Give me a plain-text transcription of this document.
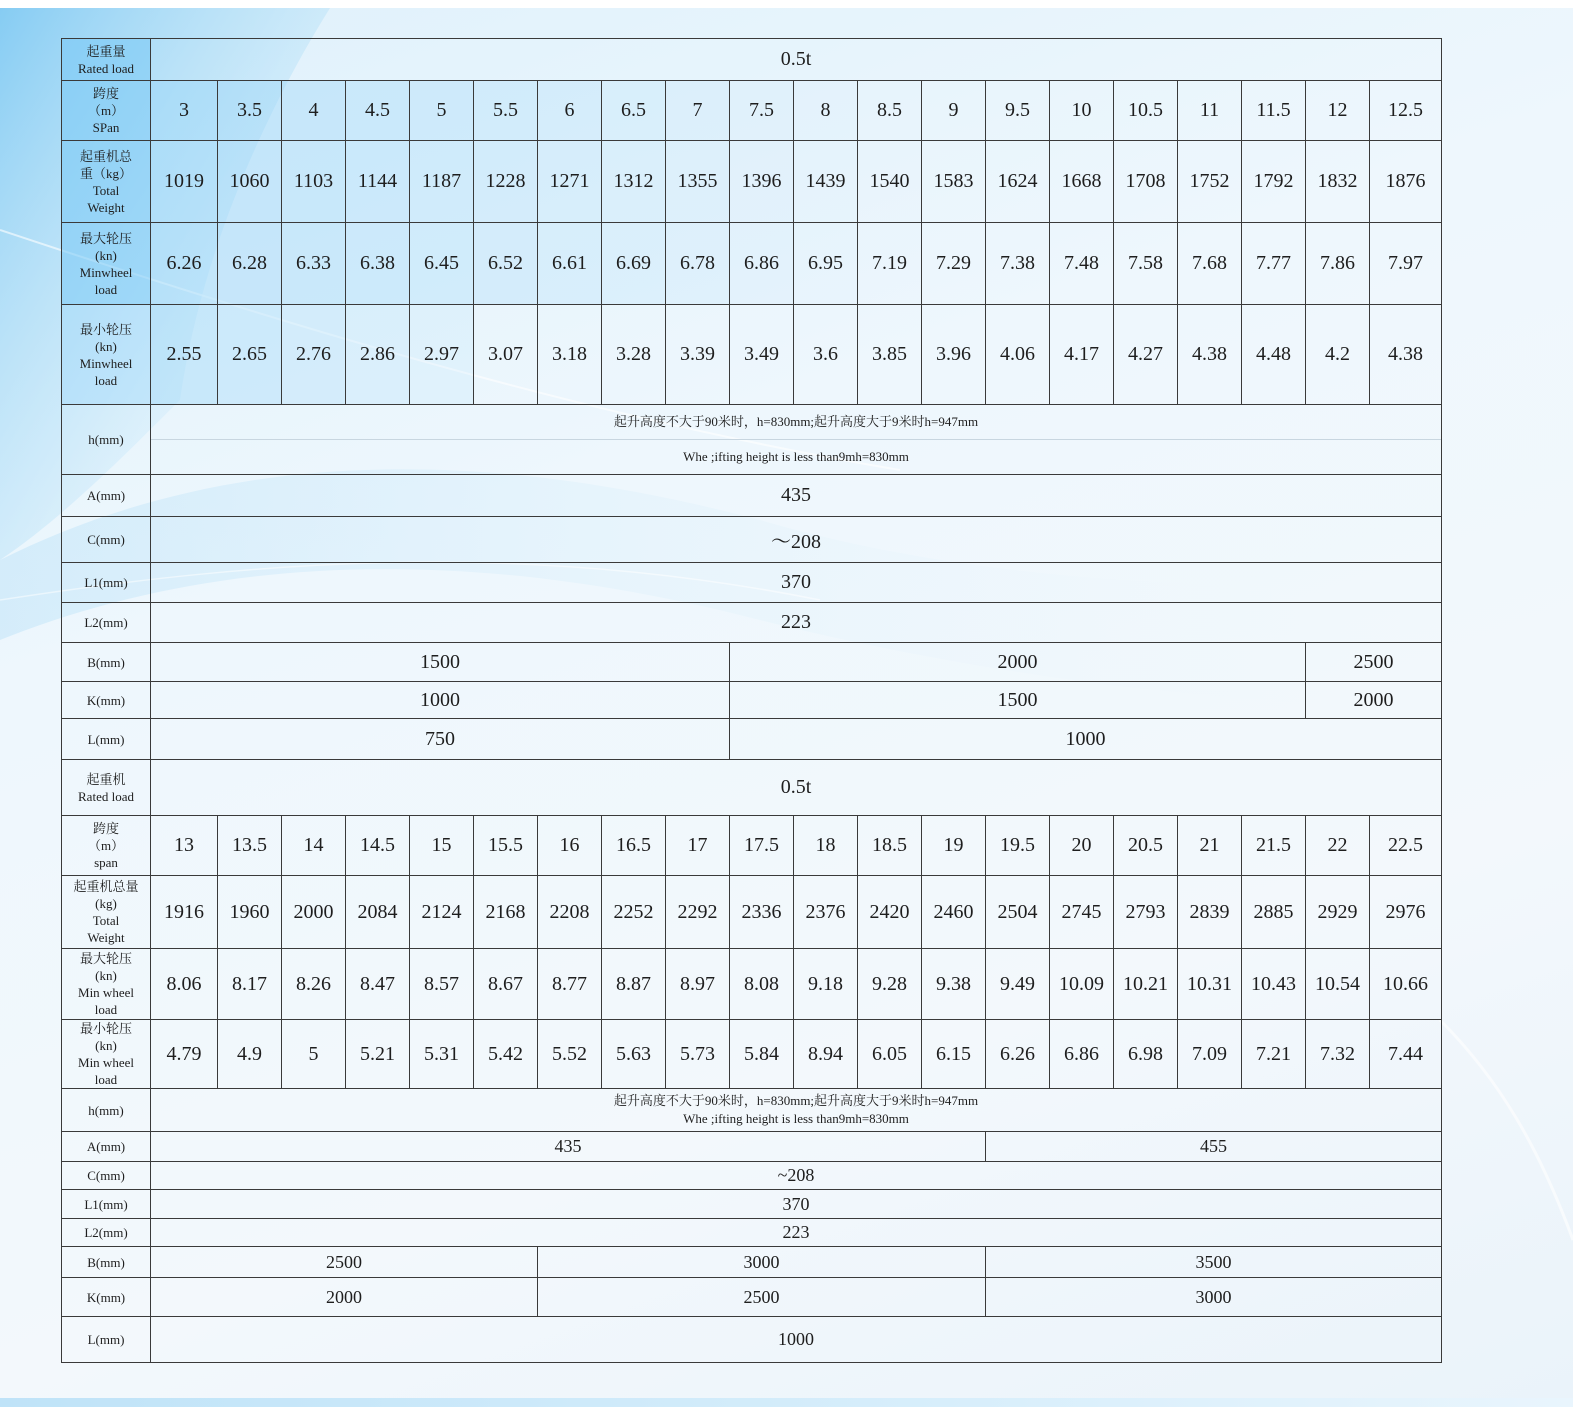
起重量
Rated load	0.5t																			

跨度
（m）
SPan	3	3.5	4	4.5	5	5.5	6	6.5	7	7.5	8	8.5	9	9.5	10	10.5	11	11.5	12	12.5

起重机总
重（kg）
Total
Weight	1019	1060	1103	1144	1187	1228	1271	1312	1355	1396	1439	1540	1583	1624	1668	1708	1752	1792	1832	1876

最大轮压
(kn)
Minwheel
load	6.26	6.28	6.33	6.38	6.45	6.52	6.61	6.69	6.78	6.86	6.95	7.19	7.29	7.38	7.48	7.58	7.68	7.77	7.86	7.97

最小轮压
(kn)
Minwheel
load	2.55	2.65	2.76	2.86	2.97	3.07	3.18	3.28	3.39	3.49	3.6	3.85	3.96	4.06	4.17	4.27	4.38	4.48	4.2	4.38
h(mm)	起升高度不大于90米时，h=830mm;起升高度大于9米时h=947mm
Whe ;ifting height is less than9mh=830mm																			

A(mm)	435																			
C(mm)	～208																			
L1(mm)	370																			
L2(mm)	223																			
B(mm)	1500									2000									2500	
K(mm)	1000									1500									2000	
L(mm)	750									1000										
起重机
Rated load	0.5t																			

跨度
（m）
span	13	13.5	14	14.5	15	15.5	16	16.5	17	17.5	18	18.5	19	19.5	20	20.5	21	21.5	22	22.5

起重机总量
(kg)
Total
Weight	1916	1960	2000	2084	2124	2168	2208	2252	2292	2336	2376	2420	2460	2504	2745	2793	2839	2885	2929	2976

最大轮压
(kn)
Min wheel
load	8.06	8.17	8.26	8.47	8.57	8.67	8.77	8.87	8.97	8.08	9.18	9.28	9.38	9.49	10.09	10.21	10.31	10.43	10.54	10.66

最小轮压
(kn)
Min wheel
load	4.79	4.9	5	5.21	5.31	5.42	5.52	5.63	5.73	5.84	8.94	6.05	6.15	6.26	6.86	6.98	7.09	7.21	7.32	7.44
h(mm)	起升高度不大于90米时，h=830mm;起升高度大于9米时h=947mm
Whe ;ifting height is less than9mh=830mm																			

A(mm)	435													455						
C(mm)	~208																			
L1(mm)	370																			
L2(mm)	223																			
B(mm)	2500						3000							3500						
K(mm)	2000						2500							3000						
L(mm)	1000																			
